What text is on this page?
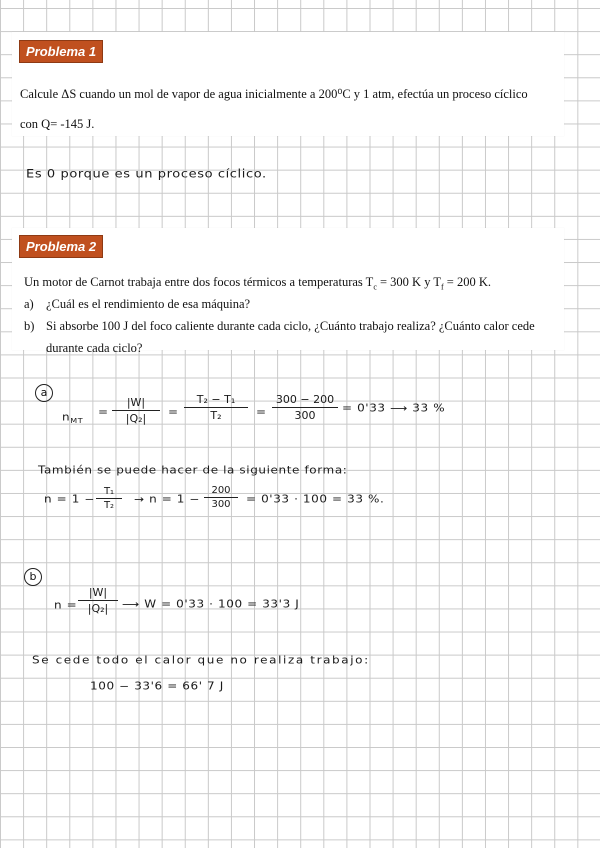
Problema 1
Calcule ΔS cuando un mol de vapor de agua inicialmente a 200⁰C y 1 atm, efectúa un proceso cíclico
con Q= -145 J.
Es 0 porque es un proceso cíclico.
Problema 2
Un motor de Carnot trabaja entre dos focos térmicos a temperaturas $T_c = 300$ K y $T_f = 200$ K.
a) ¿Cuál es el rendimiento de esa máquina?
b) Si absorbe 100 J del foco caliente durante cada ciclo, ¿Cuánto trabajo realiza? ¿Cuánto calor cede
durante cada ciclo?
a
$n_{MT}$
= $\frac{|W|}{\text{|Q₂|}} = \frac{\text{T₂ − T₁}}{\text{T₂}} = \frac{300 - 200}{300} = 0'33$ ⟶ 33 %
También se puede hacer de la siguiente forma:
$n = 1 - \frac{\text{T₁}}{\text{T₂}} \to n = 1 - \frac{200}{300} = 0'33 \cdot 100 = 33$ %.
b
$n = \frac{|W|}{\text{|Q₂|}}$ ⟶ W = 0'33 · 100 = 33'3 J
Se cede todo el calor que no realiza trabajo:
100 − 33'6 = 66' 7 J
